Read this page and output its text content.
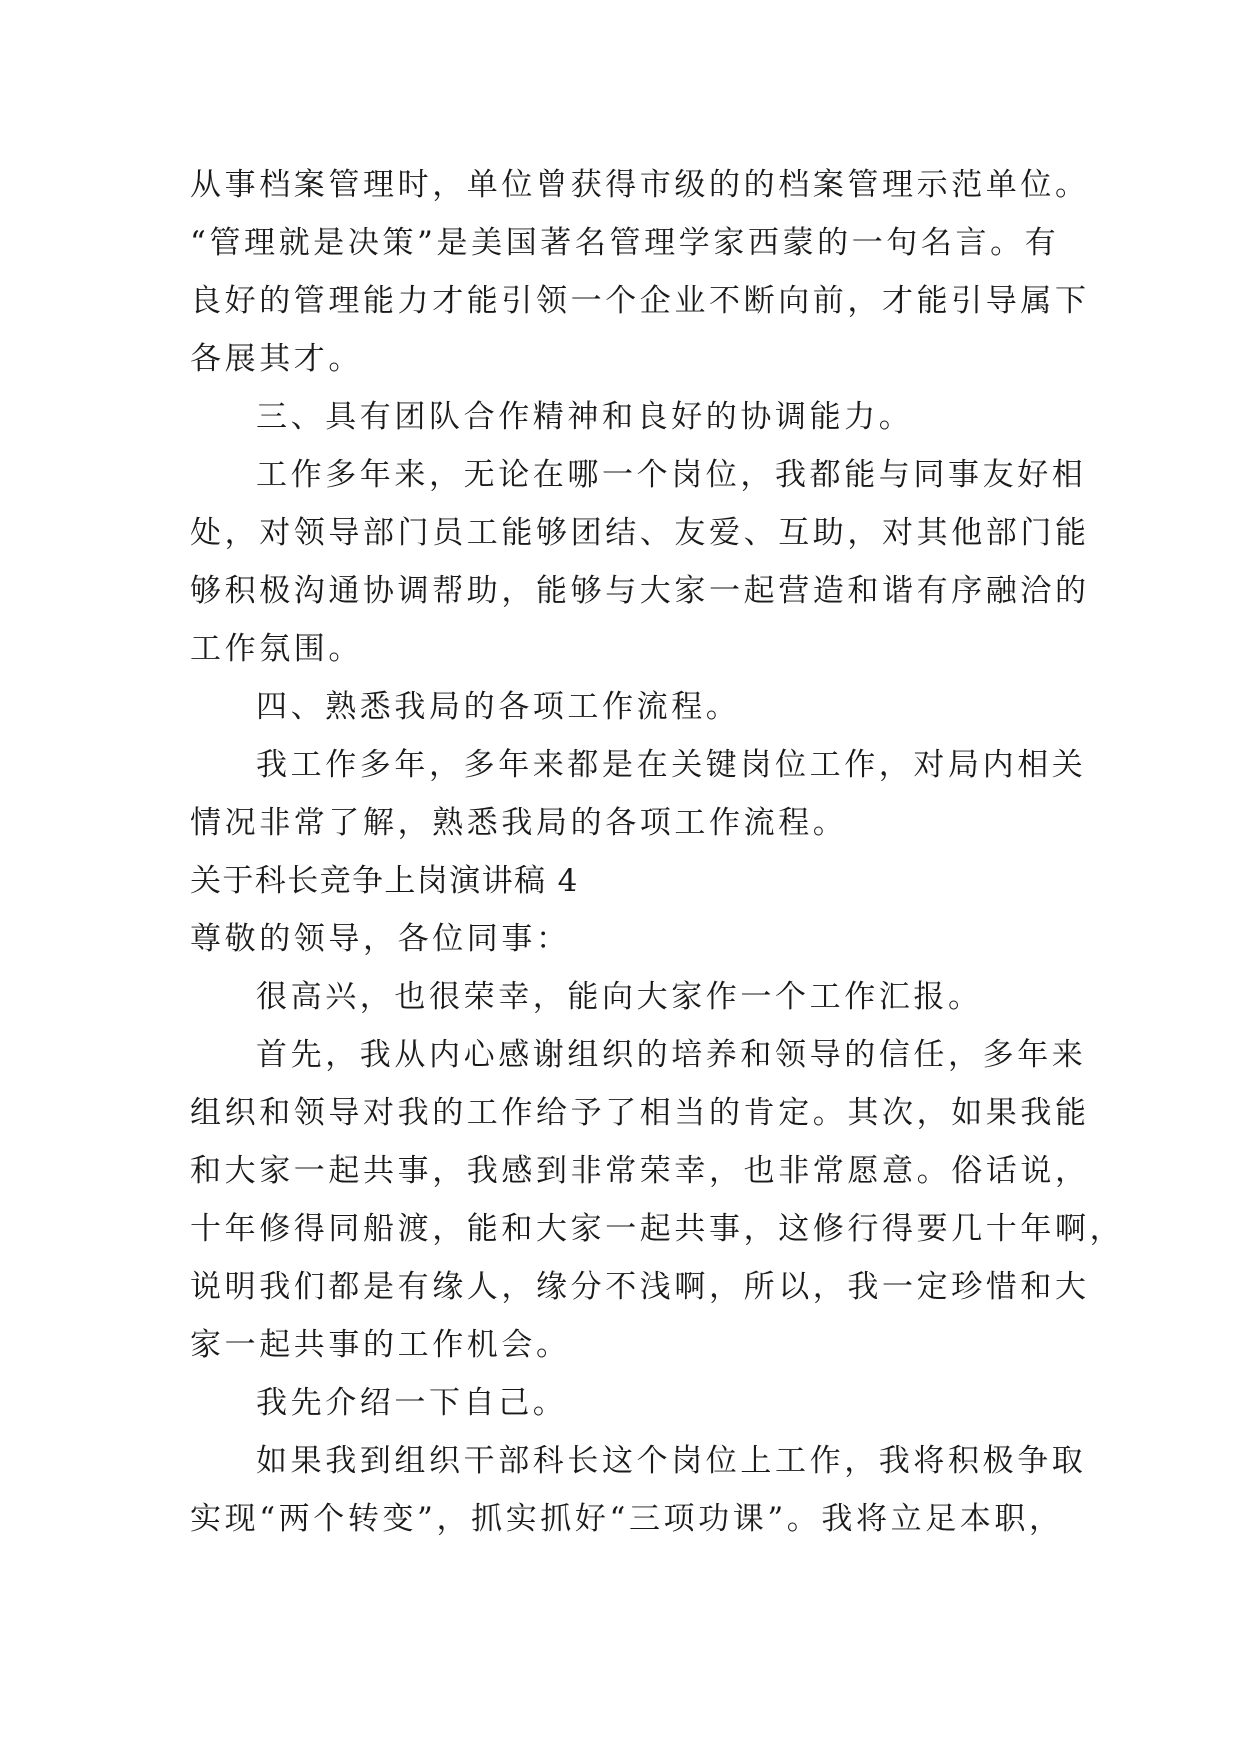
从事档案管理时，单位曾获得市级的的档案管理示范单位。
“管理就是决策”是美国著名管理学家西蒙的一句名言。有
良好的管理能力才能引领一个企业不断向前，才能引导属下
各展其才。
三、具有团队合作精神和良好的协调能力。
工作多年来，无论在哪一个岗位，我都能与同事友好相
处，对领导部门员工能够团结、友爱、互助，对其他部门能
够积极沟通协调帮助，能够与大家一起营造和谐有序融洽的
工作氛围。
四、熟悉我局的各项工作流程。
我工作多年，多年来都是在关键岗位工作，对局内相关
情况非常了解，熟悉我局的各项工作流程。
关于科长竞争上岗演讲稿 4
尊敬的领导，各位同事：
很高兴，也很荣幸，能向大家作一个工作汇报。
首先，我从内心感谢组织的培养和领导的信任，多年来
组织和领导对我的工作给予了相当的肯定。其次，如果我能
和大家一起共事，我感到非常荣幸，也非常愿意。俗话说，
十年修得同船渡，能和大家一起共事，这修行得要几十年啊，
说明我们都是有缘人，缘分不浅啊，所以，我一定珍惜和大
家一起共事的工作机会。
我先介绍一下自己。
如果我到组织干部科长这个岗位上工作，我将积极争取
实现“两个转变”，抓实抓好“三项功课”。我将立足本职，
